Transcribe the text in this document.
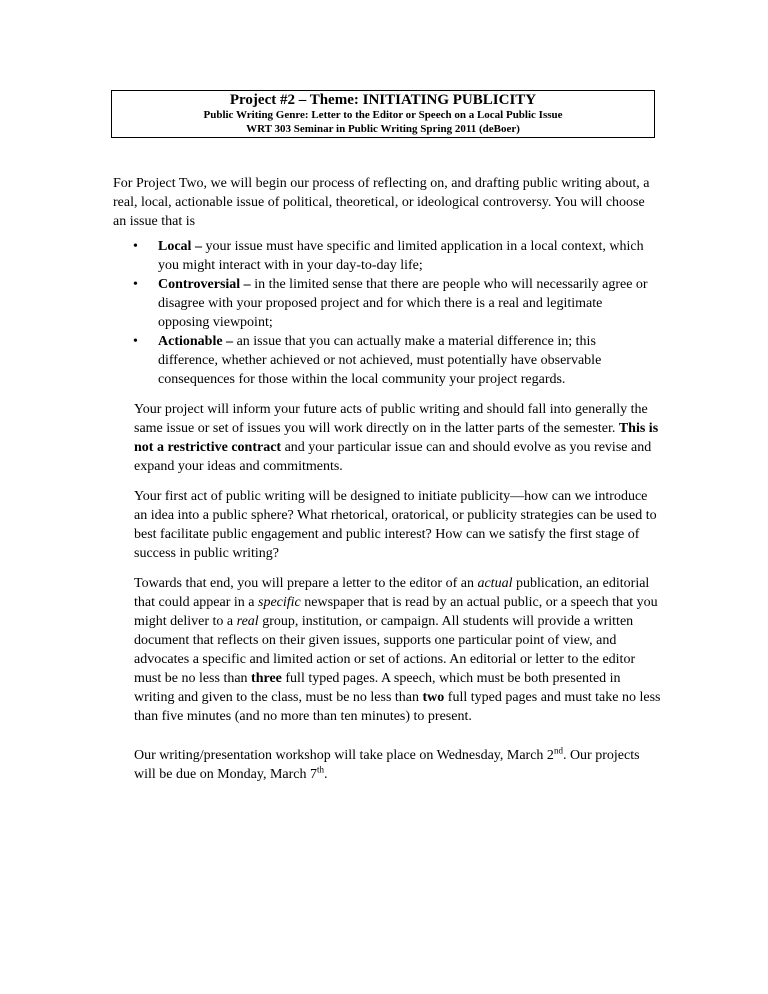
Project #2 – Theme: INITIATING PUBLICITY
Public Writing Genre: Letter to the Editor or Speech on a Local Public Issue
WRT 303 Seminar in Public Writing Spring 2011 (deBoer)

For Project Two, we will begin our process of reflecting on, and drafting public writing about, a real, local, actionable issue of political, theoretical, or ideological controversy. You will choose an issue that is

• Local – your issue must have specific and limited application in a local context, which you might interact with in your day-to-day life;
• Controversial – in the limited sense that there are people who will necessarily agree or disagree with your proposed project and for which there is a real and legitimate opposing viewpoint;
• Actionable – an issue that you can actually make a material difference in; this difference, whether achieved or not achieved, must potentially have observable consequences for those within the local community your project regards.

Your project will inform your future acts of public writing and should fall into generally the same issue or set of issues you will work directly on in the latter parts of the semester. This is not a restrictive contract and your particular issue can and should evolve as you revise and expand your ideas and commitments.

Your first act of public writing will be designed to initiate publicity—how can we introduce an idea into a public sphere? What rhetorical, oratorical, or publicity strategies can be used to best facilitate public engagement and public interest? How can we satisfy the first stage of success in public writing?

Towards that end, you will prepare a letter to the editor of an actual publication, an editorial that could appear in a specific newspaper that is read by an actual public, or a speech that you might deliver to a real group, institution, or campaign. All students will provide a written document that reflects on their given issues, supports one particular point of view, and advocates a specific and limited action or set of actions. An editorial or letter to the editor must be no less than three full typed pages. A speech, which must be both presented in writing and given to the class, must be no less than two full typed pages and must take no less than five minutes (and no more than ten minutes) to present.

Our writing/presentation workshop will take place on Wednesday, March 2nd. Our projects will be due on Monday, March 7th.
